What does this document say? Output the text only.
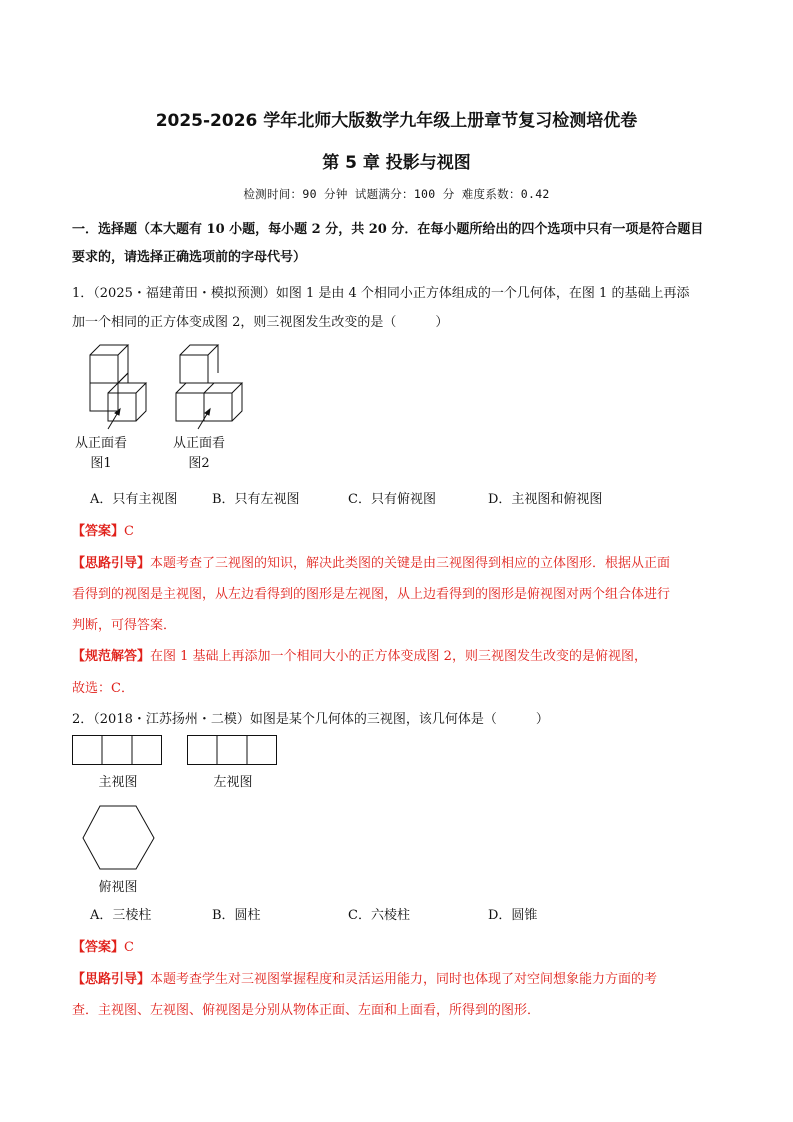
2025-2026 学年北师大版数学九年级上册章节复习检测培优卷
第 5 章 投影与视图
检测时间：90 分钟 试题满分：100 分 难度系数：0.42
一．选择题（本大题有 10 小题，每小题 2 分，共 20 分．在每小题所给出的四个选项中只有一项是符合题目
要求的，请选择正确选项前的字母代号）
1．（2025・福建莆田・模拟预测）如图 1 是由 4 个相同小正方体组成的一个几何体，在图 1 的基础上再添
加一个相同的正方体变成图 2，则三视图发生改变的是（　　　）
从正面看
图1
从正面看
图2
A．只有主视图	B．只有左视图	C．只有俯视图	D．主视图和俯视图
【答案】C
【思路引导】本题考查了三视图的知识，解决此类图的关键是由三视图得到相应的立体图形．根据从正面
看得到的视图是主视图，从左边看得到的图形是左视图，从上边看得到的图形是俯视图对两个组合体进行
判断，可得答案．
【规范解答】在图 1 基础上再添加一个相同大小的正方体变成图 2，则三视图发生改变的是俯视图，
故选：C．
2．（2018・江苏扬州・二模）如图是某个几何体的三视图，该几何体是（　　　）
主视图	左视图
俯视图
A．三棱柱	B．圆柱	C．六棱柱	D．圆锥
【答案】C
【思路引导】本题考查学生对三视图掌握程度和灵活运用能力，同时也体现了对空间想象能力方面的考
查．主视图、左视图、俯视图是分别从物体正面、左面和上面看，所得到的图形．
